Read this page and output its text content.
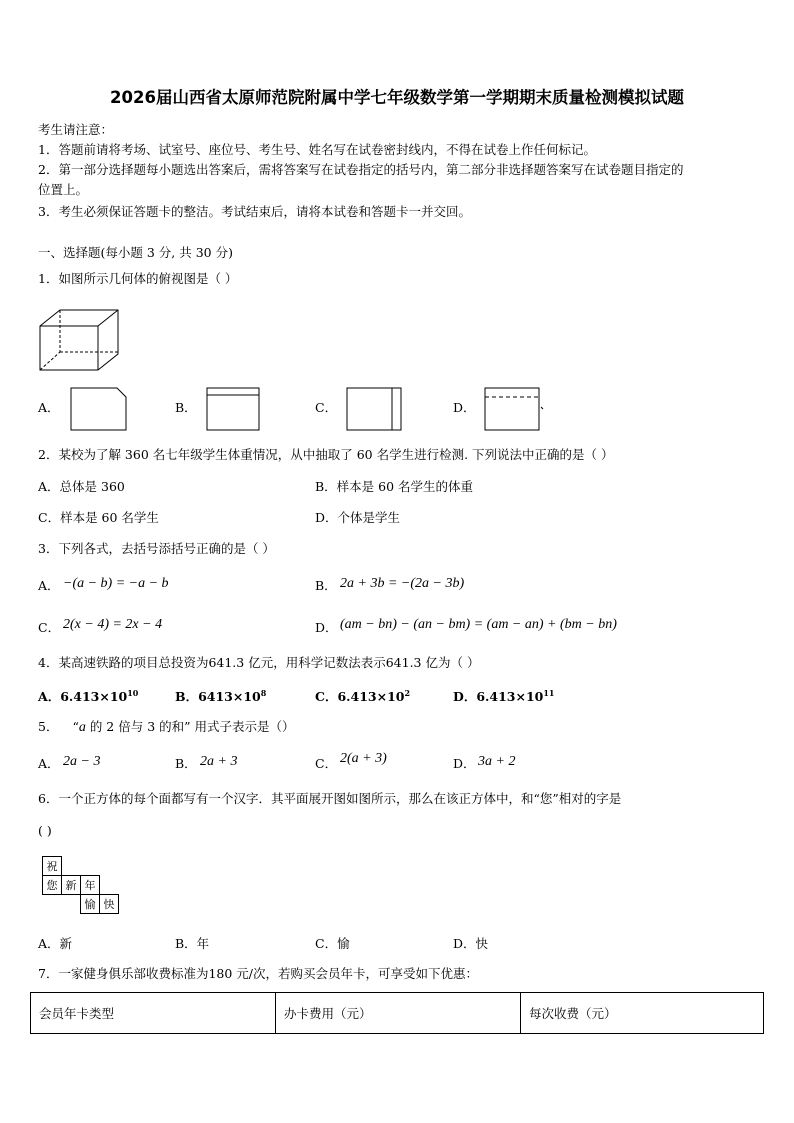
2026届山西省太原师范院附属中学七年级数学第一学期期末质量检测模拟试题
考生请注意：
1．答题前请将考场、试室号、座位号、考生号、姓名写在试卷密封线内，不得在试卷上作任何标记。
2．第一部分选择题每小题选出答案后，需将答案写在试卷指定的括号内，第二部分非选择题答案写在试卷题目指定的
位置上。
3．考生必须保证答题卡的整洁。考试结束后，请将本试卷和答题卡一并交回。
一、选择题(每小题 3 分, 共 30 分)
1．如图所示几何体的俯视图是（ ）
A．	B．	C．	D．
2．某校为了解 360 名七年级学生体重情况，从中抽取了 60 名学生进行检测. 下列说法中正确的是（ ）
A．总体是 360	B．样本是 60 名学生的体重
C．样本是 60 名学生	D．个体是学生
3．下列各式，去括号添括号正确的是（ ）
A． −(a − b) = −a − b	B． 2a + 3b = −(2a − 3b)
C． 2(x − 4) = 2x − 4	D． (am − bn) − (an − bm) = (am − an) + (bm − bn)
4．某高速铁路的项目总投资为641.3 亿元，用科学记数法表示641.3 亿为（ ）
A．$6.413\times 10^{10}$	B．$6413\times 10^8$	C．$6.413\times 10^2$	D．$6.413\times 10^{11}$
5． “a 的 2 倍与 3 的和” 用式子表示是（）
A． 2a − 3	B． 2a + 3	C． 2(a + 3)	D． 3a + 2
6．一个正方体的每个面都写有一个汉字．其平面展开图如图所示，那么在该正方体中，和“您”相对的字是
( )
祝			
您	新	年	
		愉	快
A．新	B．年	C．愉	D．快
7．一家健身俱乐部收费标准为180 元/次，若购买会员年卡，可享受如下优惠：
会员年卡类型	办卡费用（元）	每次收费（元）
